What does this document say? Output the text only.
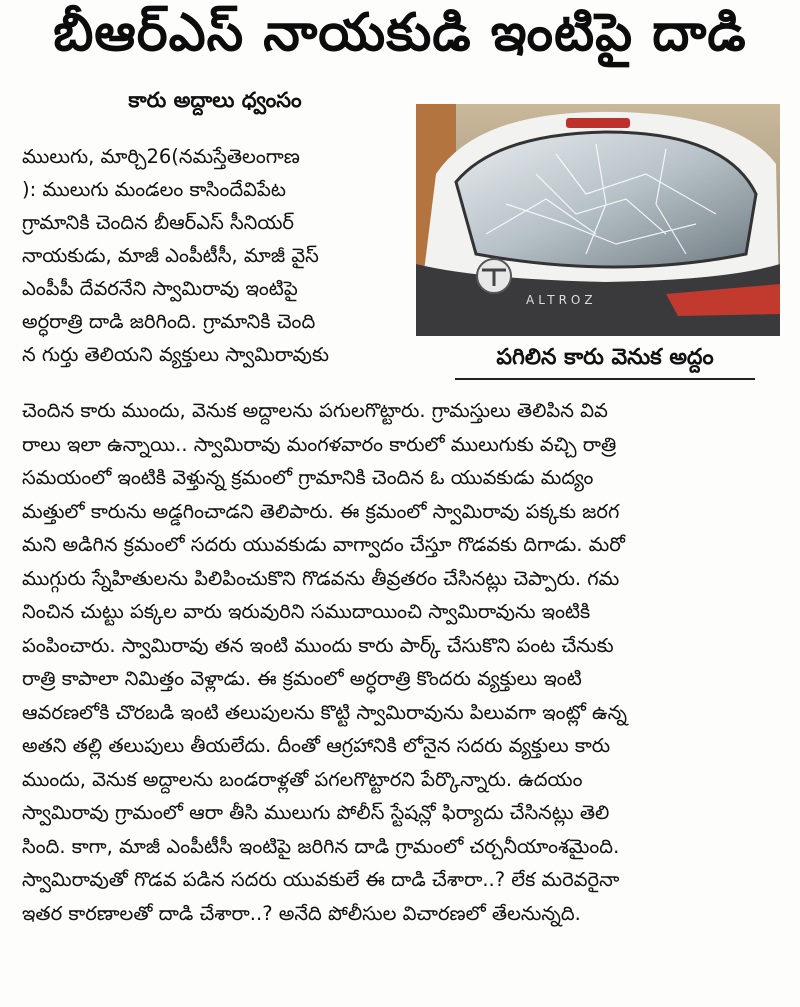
బీఆర్ఎస్ నాయకుడి ఇంటిపై దాడి
కారు అద్దాలు ధ్వంసం
ALTROZ
పగిలిన కారు వెనుక అద్దం
ములుగు, మార్చి26(నమస్తేతెలంగాణ
): ములుగు మండలం కాసిందేవిపేట
గ్రామానికి చెందిన బీఆర్ఎస్ సీనియర్
నాయకుడు, మాజీ ఎంపీటీసీ, మాజీ వైస్
ఎంపీపీ దేవరనేని స్వామిరావు ఇంటిపై
అర్ధరాత్రి దాడి జరిగింది. గ్రామానికి చెంది
న గుర్తు తెలియని వ్యక్తులు స్వామిరావుకు
చెందిన కారు ముందు, వెనుక అద్దాలను పగులగొట్టారు. గ్రామస్తులు తెలిపిన వివ
రాలు ఇలా ఉన్నాయి.. స్వామిరావు మంగళవారం కారులో ములుగుకు వచ్చి రాత్రి
సమయంలో ఇంటికి వెళ్తున్న క్రమంలో గ్రామానికి చెందిన ఓ యువకుడు మద్యం
మత్తులో కారును అడ్డగించాడని తెలిపారు. ఈ క్రమంలో స్వామిరావు పక్కకు జరగ
మని అడిగిన క్రమంలో సదరు యువకుడు వాగ్వాదం చేస్తూ గొడవకు దిగాడు. మరో
ముగ్గురు స్నేహితులను పిలిపించుకొని గొడవను తీవ్రతరం చేసినట్లు చెప్పారు. గమ
నించిన చుట్టు పక్కల వారు ఇరువురిని సముదాయించి స్వామిరావును ఇంటికి
పంపించారు. స్వామిరావు తన ఇంటి ముందు కారు పార్క్ చేసుకొని పంట చేనుకు
రాత్రి కాపాలా నిమిత్తం వెళ్లాడు. ఈ క్రమంలో అర్ధరాత్రి కొందరు వ్యక్తులు ఇంటి
ఆవరణలోకి చొరబడి ఇంటి తలుపులను కొట్టి స్వామిరావును పిలువగా ఇంట్లో ఉన్న
అతని తల్లి తలుపులు తీయలేదు. దీంతో ఆగ్రహానికి లోనైన సదరు వ్యక్తులు కారు
ముందు, వెనుక అద్దాలను బండరాళ్లతో పగలగొట్టారని పేర్కొన్నారు. ఉదయం
స్వామిరావు గ్రామంలో ఆరా తీసి ములుగు పోలీస్ స్టేషన్లో ఫిర్యాదు చేసినట్లు తెలి
సింది. కాగా, మాజీ ఎంపీటీసీ ఇంటిపై జరిగిన దాడి గ్రామంలో చర్చనీయాంశమైంది.
స్వామిరావుతో గొడవ పడిన సదరు యువకులే ఈ దాడి చేశారా..? లేక మరెవరైనా
ఇతర కారణాలతో దాడి చేశారా..? అనేది పోలీసుల విచారణలో తేలనున్నది.
